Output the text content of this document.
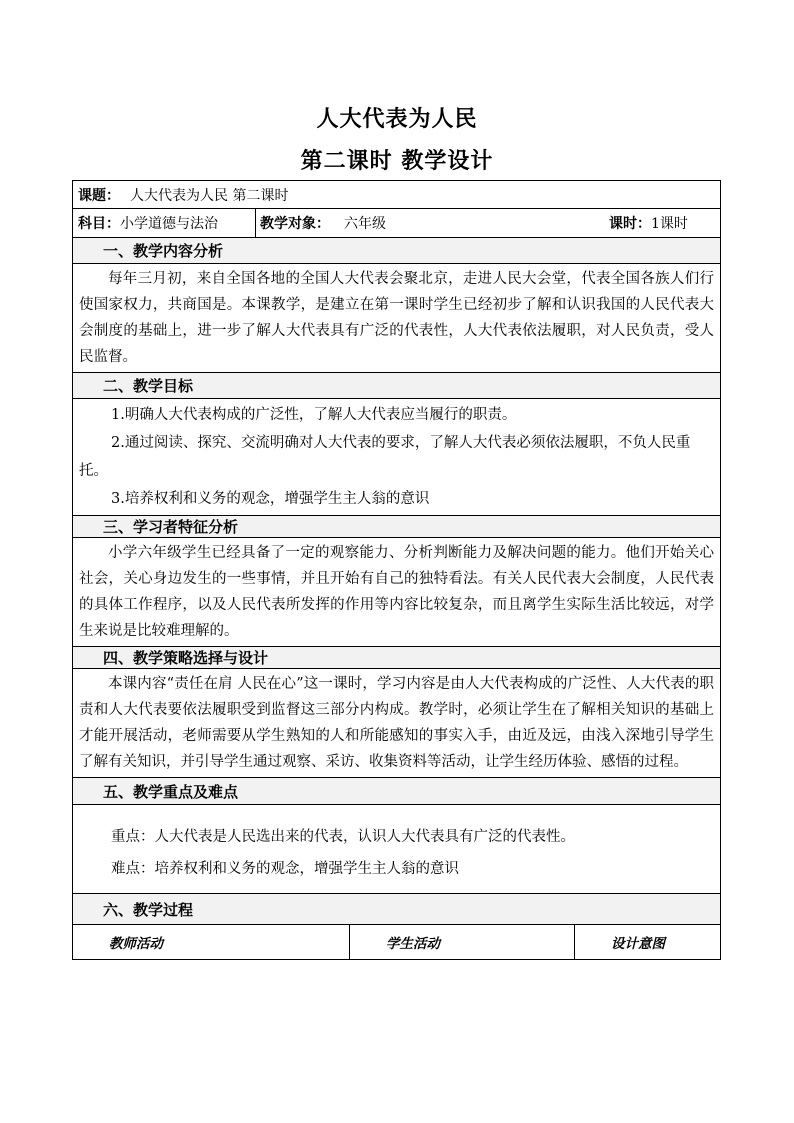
人大代表为人民
第二课时 教学设计
课题： 人大代表为人民 第二课时
科目： 小学道德与法治	教学对象： 六年级	课时： 1课时
一、教学内容分析
每年三月初，来自全国各地的全国人大代表会聚北京，走进人民大会堂，代表全国各族人们行使国家权力，共商国是。本课教学，是建立在第一课时学生已经初步了解和认识我国的人民代表大会制度的基础上，进一步了解人大代表具有广泛的代表性，人大代表依法履职，对人民负责，受人民监督。
二、教学目标
1.明确人大代表构成的广泛性，了解人大代表应当履行的职责。
2.通过阅读、探究、交流明确对人大代表的要求，了解人大代表必须依法履职，不负人民重托。
3.培养权利和义务的观念，增强学生主人翁的意识
三、学习者特征分析
小学六年级学生已经具备了一定的观察能力、分析判断能力及解决问题的能力。他们开始关心社会，关心身边发生的一些事情，并且开始有自己的独特看法。有关人民代表大会制度，人民代表的具体工作程序，以及人民代表所发挥的作用等内容比较复杂，而且离学生实际生活比较远，对学生来说是比较难理解的。
四、教学策略选择与设计
本课内容“责任在肩 人民在心”这一课时，学习内容是由人大代表构成的广泛性、人大代表的职责和人大代表要依法履职受到监督这三部分内构成。教学时，必须让学生在了解相关知识的基础上才能开展活动，老师需要从学生熟知的人和所能感知的事实入手，由近及远，由浅入深地引导学生了解有关知识，并引导学生通过观察、采访、收集资料等活动，让学生经历体验、感悟的过程。
五、教学重点及难点
重点：人大代表是人民选出来的代表，认识人大代表具有广泛的代表性。
难点：培养权利和义务的观念，增强学生主人翁的意识
六、教学过程
教师活动	学生活动	设计意图
